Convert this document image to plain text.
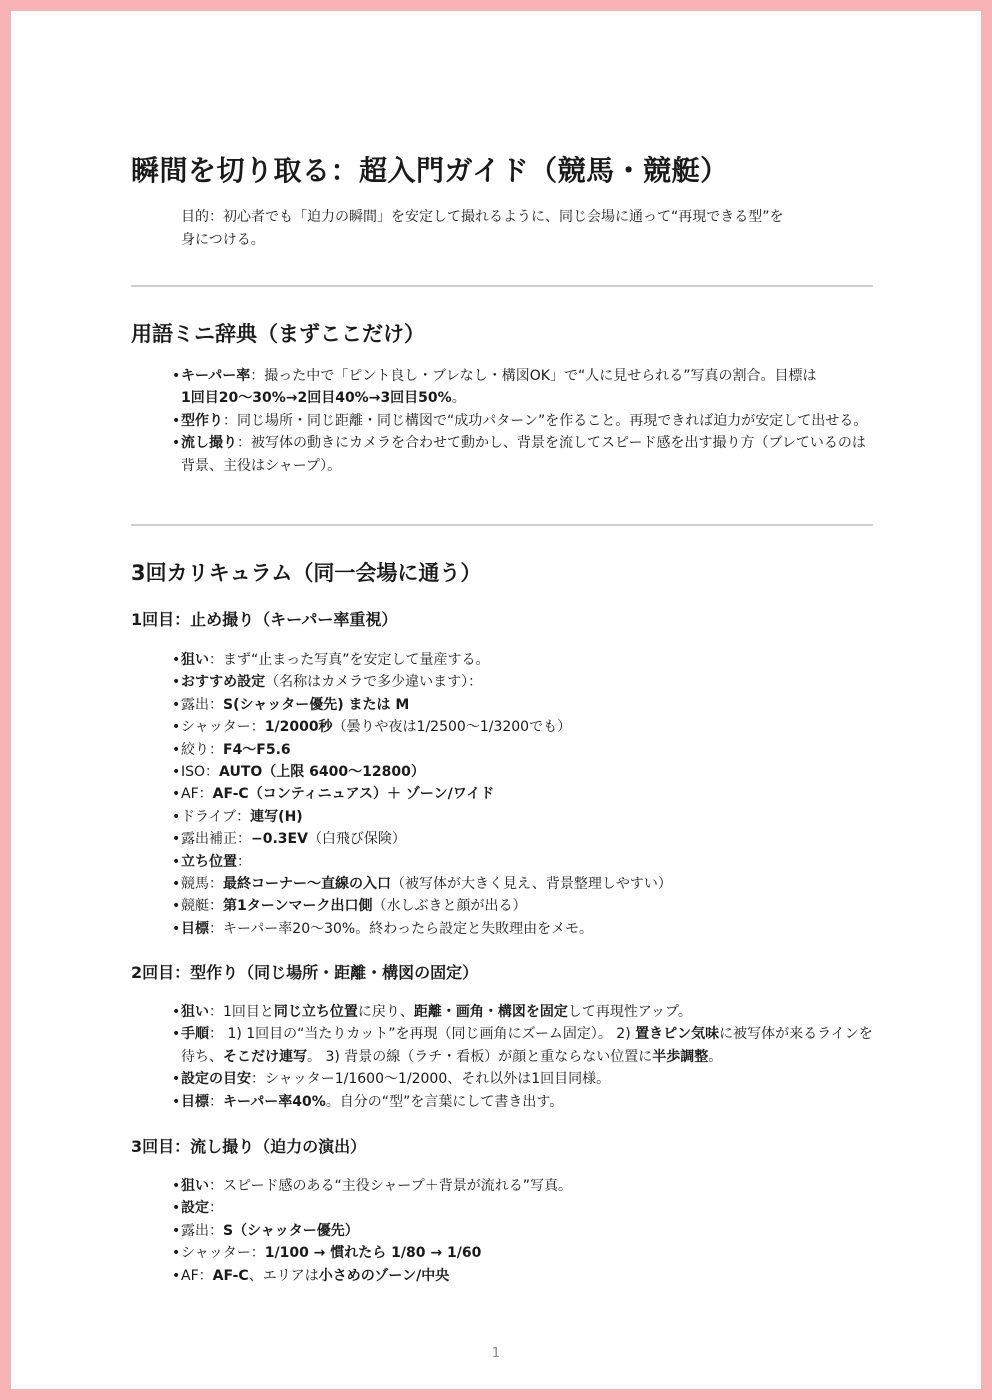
瞬間を切り取る：超入門ガイド（競馬・競艇）
目的：初心者でも「迫力の瞬間」を安定して撮れるように、同じ会場に通って“再現できる型”を身につける。
用語ミニ辞典（まずここだけ）
• キーパー率：撮った中で「ピント良し・ブレなし・構図OK」で“人に見せられる”写真の割合。目標は
1回目20〜30%→2回目40%→3回目50%。
• 型作り：同じ場所・同じ距離・同じ構図で“成功パターン”を作ること。再現できれば迫力が安定して出せる。
• 流し撮り：被写体の動きにカメラを合わせて動かし、背景を流してスピード感を出す撮り方（ブレているのは背景、主役はシャープ）。
3回カリキュラム（同一会場に通う）
1回目：止め撮り（キーパー率重視）
• 狙い：まず“止まった写真”を安定して量産する。
• おすすめ設定（名称はカメラで多少違います）：
• 露出：S(シャッター優先) または M
• シャッター：1/2000秒（曇りや夜は1/2500〜1/3200でも）
• 絞り：F4〜F5.6
• ISO：AUTO（上限 6400〜12800）
• AF：AF-C（コンティニュアス）＋ ゾーン/ワイド
• ドライブ：連写(H)
• 露出補正：−0.3EV（白飛び保険）
• 立ち位置：
• 競馬：最終コーナー〜直線の入口（被写体が大きく見え、背景整理しやすい）
• 競艇：第1ターンマーク出口側（水しぶきと顔が出る）
• 目標：キーパー率20〜30%。終わったら設定と失敗理由をメモ。
2回目：型作り（同じ場所・距離・構図の固定）
• 狙い：1回目と同じ立ち位置に戻り、距離・画角・構図を固定して再現性アップ。
• 手順： 1) 1回目の“当たりカット”を再現（同じ画角にズーム固定）。 2) 置きピン気味に被写体が来るラインを待ち、そこだけ連写。 3) 背景の線（ラチ・看板）が顔と重ならない位置に半歩調整。
• 設定の目安：シャッター1/1600〜1/2000、それ以外は1回目同様。
• 目標：キーパー率40%。自分の“型”を言葉にして書き出す。
3回目：流し撮り（迫力の演出）
• 狙い：スピード感のある“主役シャープ＋背景が流れる”写真。
• 設定：
• 露出：S（シャッター優先）
• シャッター：1/100 → 慣れたら 1/80 → 1/60
• AF：AF-C、エリアは小さめのゾーン/中央
1
